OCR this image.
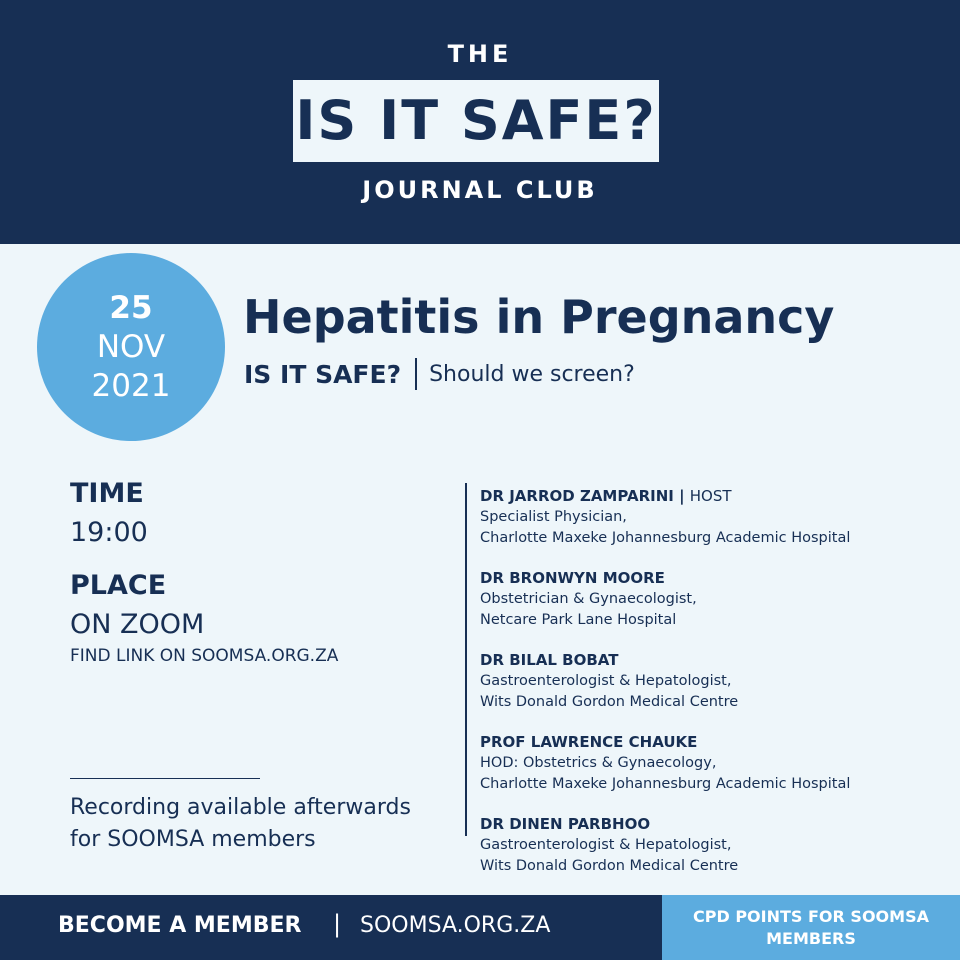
THE
IS IT SAFE?
JOURNAL CLUB
25
NOV
2021
Hepatitis in Pregnancy
IS IT SAFE? Should we screen?
TIME
19:00
PLACE
ON ZOOM
FIND LINK ON SOOMSA.ORG.ZA
Recording available afterwards
for SOOMSA members
DR JARROD ZAMPARINI | HOST
Specialist Physician,
Charlotte Maxeke Johannesburg Academic Hospital
DR BRONWYN MOORE
Obstetrician & Gynaecologist,
Netcare Park Lane Hospital
DR BILAL BOBAT
Gastroenterologist & Hepatologist,
Wits Donald Gordon Medical Centre
PROF LAWRENCE CHAUKE
HOD: Obstetrics & Gynaecology,
Charlotte Maxeke Johannesburg Academic Hospital
DR DINEN PARBHOO
Gastroenterologist & Hepatologist,
Wits Donald Gordon Medical Centre
BECOME A MEMBER | SOOMSA.ORG.ZA	CPD POINTS FOR SOOMSA
MEMBERS
